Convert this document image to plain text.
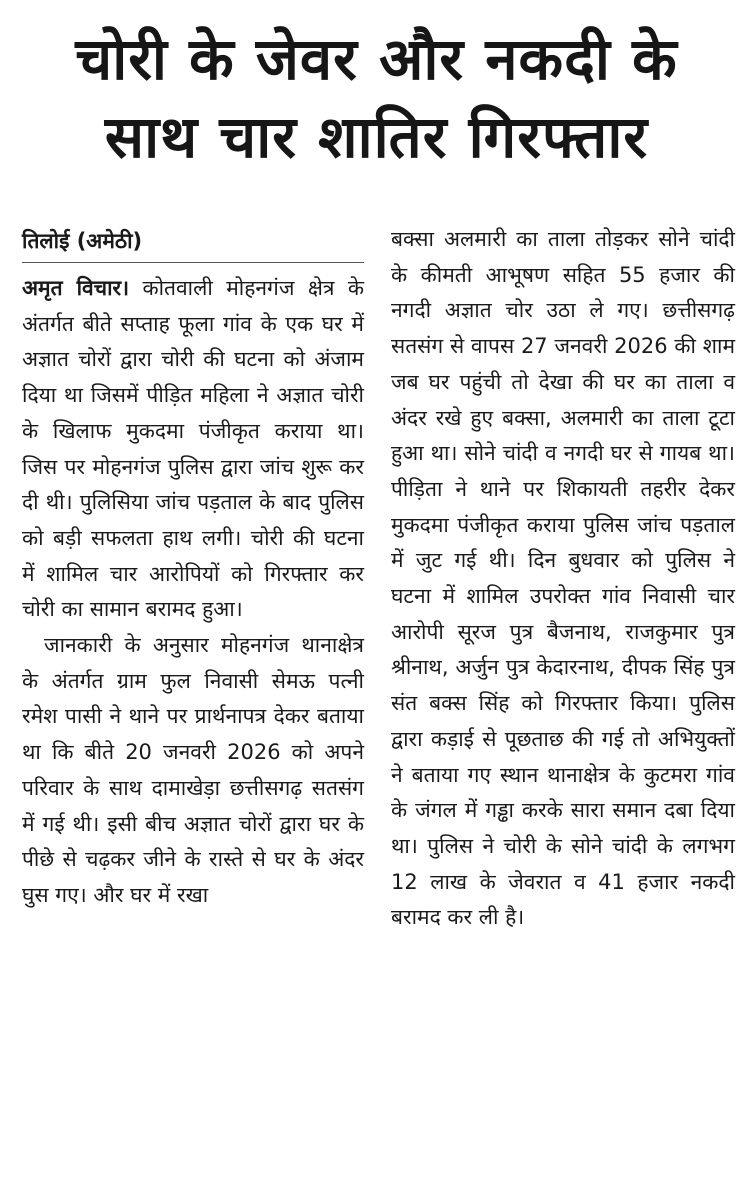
चोरी के जेवर और नकदी के
साथ चार शातिर गिरफ्तार
तिलोई (अमेठी)

अमृत विचार। कोतवाली मोहनगंज क्षेत्र के अंतर्गत बीते सप्ताह फूला गांव के एक घर में अज्ञात चोरों द्वारा चोरी की घटना को अंजाम दिया था जिसमें पीड़ित महिला ने अज्ञात चोरी के खिलाफ मुकदमा पंजीकृत कराया था। जिस पर मोहनगंज पुलिस द्वारा जांच शुरू कर दी थी। पुलिसिया जांच पड़ताल के बाद पुलिस को बड़ी सफलता हाथ लगी। चोरी की घटना में शामिल चार आरोपियों को गिरफ्तार कर चोरी का सामान बरामद हुआ।

जानकारी के अनुसार मोहनगंज थानाक्षेत्र के अंतर्गत ग्राम फुल निवासी सेमऊ पत्नी रमेश पासी ने थाने पर प्रार्थनापत्र देकर बताया था कि बीते 20 जनवरी 2026 को अपने परिवार के साथ दामाखेड़ा छत्तीसगढ़ सतसंग में गई थी। इसी बीच अज्ञात चोरों द्वारा घर के पीछे से चढ़कर जीने के रास्ते से घर के अंदर घुस गए। और घर में रखा

बक्सा अलमारी का ताला तोड़कर सोने चांदी के कीमती आभूषण सहित 55 हजार की नगदी अज्ञात चोर उठा ले गए। छत्तीसगढ़ सतसंग से वापस 27 जनवरी 2026 की शाम जब घर पहुंची तो देखा की घर का ताला व अंदर रखे हुए बक्सा, अलमारी का ताला टूटा हुआ था। सोने चांदी व नगदी घर से गायब था। पीड़िता ने थाने पर शिकायती तहरीर देकर मुकदमा पंजीकृत कराया पुलिस जांच पड़ताल में जुट गई थी। दिन बुधवार को पुलिस ने घटना में शामिल उपरोक्त गांव निवासी चार आरोपी सूरज पुत्र बैजनाथ, राजकुमार पुत्र श्रीनाथ, अर्जुन पुत्र केदारनाथ, दीपक सिंह पुत्र संत बक्स सिंह को गिरफ्तार किया। पुलिस द्वारा कड़ाई से पूछताछ की गई तो अभियुक्तों ने बताया गए स्थान थानाक्षेत्र के कुटमरा गांव के जंगल में गड्ढा करके सारा समान दबा दिया था। पुलिस ने चोरी के सोने चांदी के लगभग 12 लाख के जेवरात व 41 हजार नकदी बरामद कर ली है।
